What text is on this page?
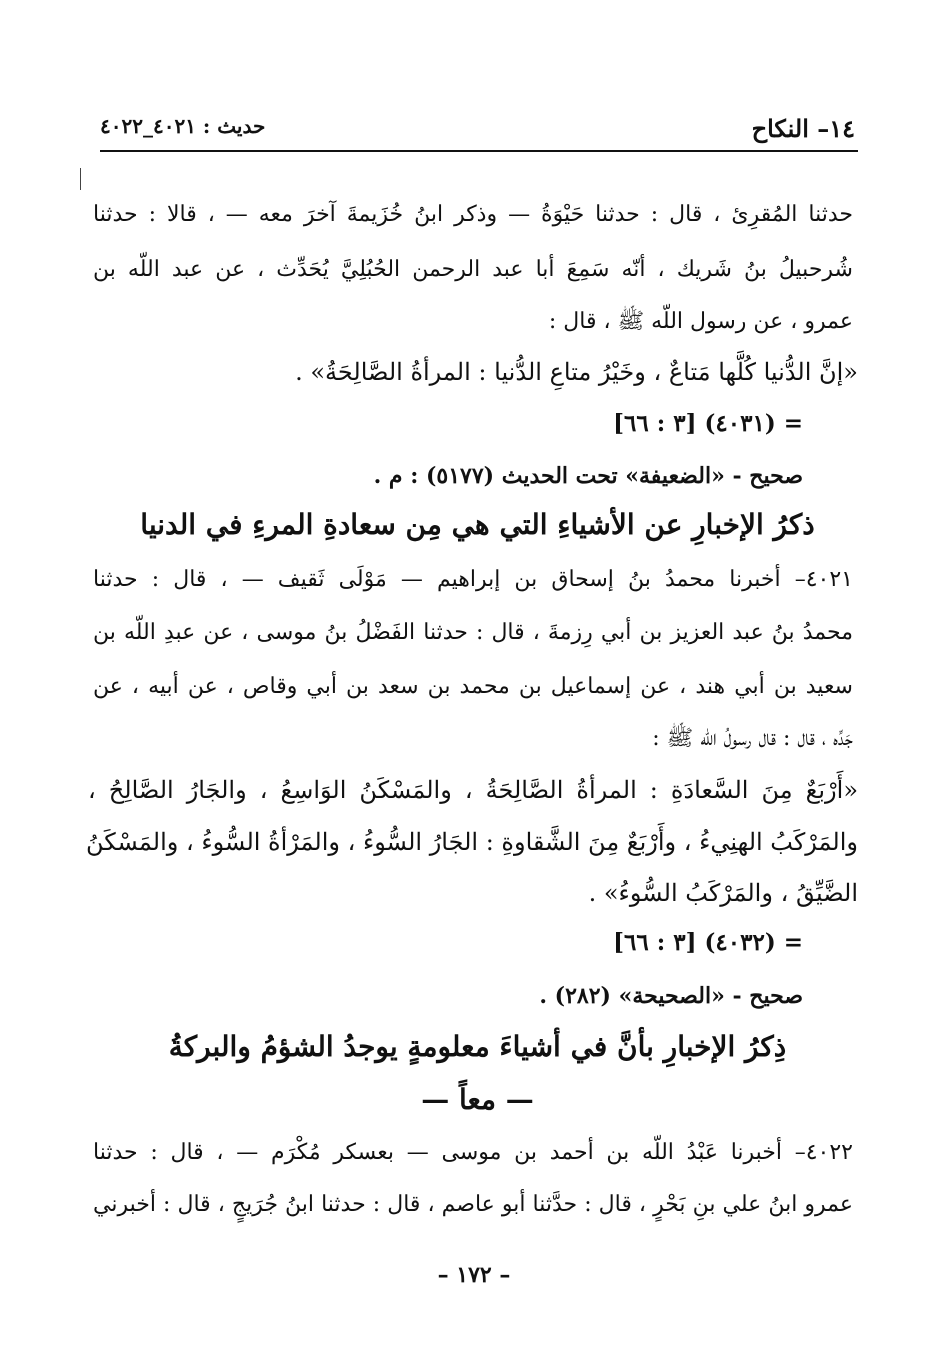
١٤– النكاح
حديث : ٤٠٢١_٤٠٢٢
حدثنا المُقرِئ ، قال : حدثنا حَيْوَةُ — وذكر ابنُ خُزَيمةَ آخرَ معه — ، قالا : حدثنا
شُرحبيلُ بنُ شَريك ، أنّه سَمِعَ أبا عبد الرحمن الحُبُلِيَّ يُحَدِّث ، عن عبد اللّه بن
عمرو ، عن رسول اللّه ﷺ ، قال :
«إنَّ الدُّنيا كُلَّها مَتاعٌ ، وخَيْرُ متاعِ الدُّنيا : المرأةُ الصَّالِحَةُ» .
= (٤٠٣١) [٣ : ٦٦]
صحيح - «الضعيفة» تحت الحديث (٥١٧٧) : م .
ذكرُ الإخبارِ عن الأشياءِ التي هي مِن سعادةِ المرءِ في الدنيا
٤٠٢١– أخبرنا محمدُ بنُ إسحاق بن إبراهيم — مَوْلَى ثَقيف — ، قال : حدثنا
محمدُ بنُ عبد العزيز بن أبي رِزمةَ ، قال : حدثنا الفَضْلُ بنُ موسى ، عن عبدِ اللّه بن
سعيد بن أبي هند ، عن إسماعيل بن محمد بن سعد بن أبي وقاص ، عن أبيه ، عن
جَدِّه ، قال : قال رسولُ اللّه ﷺ :
«أَرْبَعٌ مِنَ السَّعادَةِ : المرأةُ الصَّالِحَةُ ، والمَسْكَنُ الوَاسِعُ ، والجَارُ الصَّالِحُ ،
والمَرْكَبُ الهنِيءُ ، وأَرْبَعٌ مِنَ الشَّقاوةِ : الجَارُ السُّوءُ ، والمَرْأةُ السُّوءُ ، والمَسْكَنُ
الضَّيِّقُ ، والمَرْكَبُ السُّوءُ» .
= (٤٠٣٢) [٣ : ٦٦]
صحيح - «الصحيحة» (٢٨٢) .
ذِكرُ الإخبارِ بأنَّ في أشياءَ معلومةٍ يوجدُ الشؤمُ والبركةُ
— معاً —
٤٠٢٢– أخبرنا عَبْدُ اللّه بن أحمد بن موسى — بعسكر مُكْرَم — ، قال : حدثنا
عمرو ابنُ علي بنِ بَحْرٍ ، قال : حدَّثنا أبو عاصم ، قال : حدثنا ابنُ جُرَيجٍ ، قال : أخبرني
– ١٧٢ –
